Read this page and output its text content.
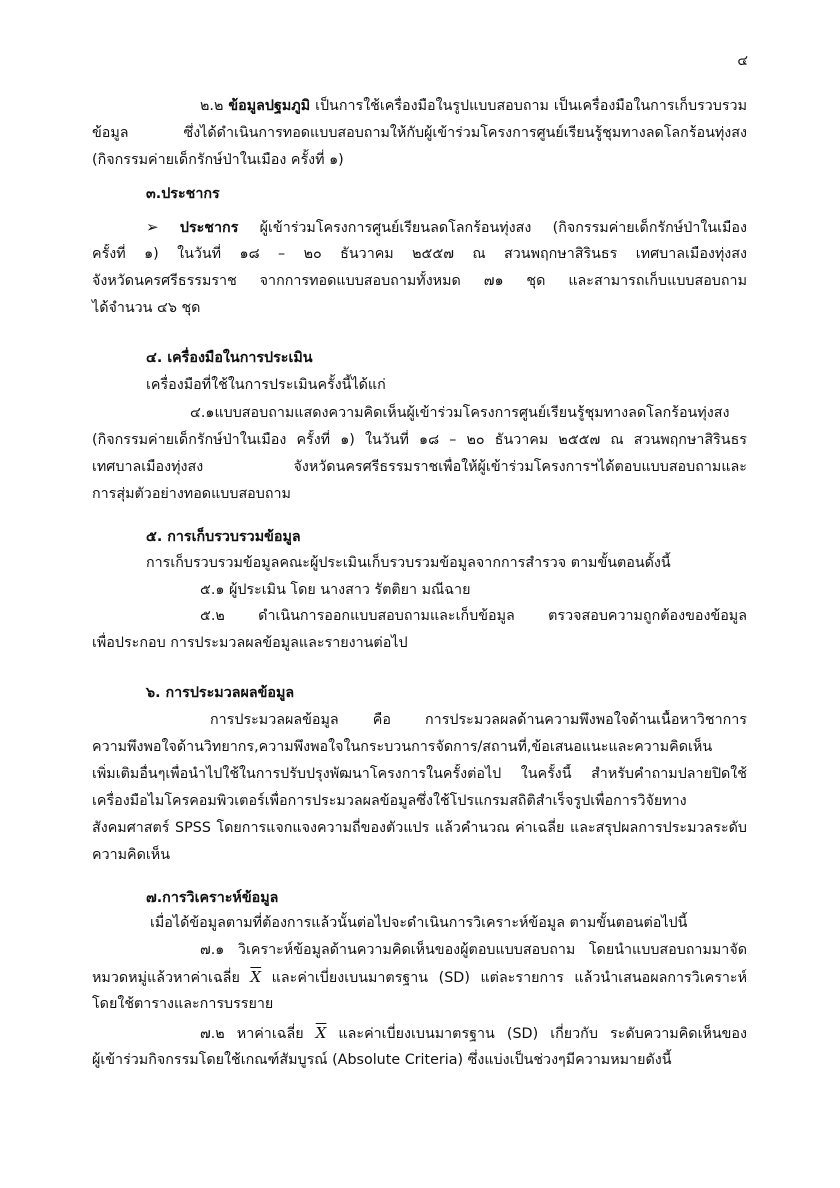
๔
๒.๒ ข้อมูลปฐมภูมิ เป็นการใช้เครื่องมือในรูปแบบสอบถาม เป็นเครื่องมือในการเก็บรวบรวม
ข้อมูล ซึ่งได้ดำเนินการทอดแบบสอบถามให้กับผู้เข้าร่วมโครงการศูนย์เรียนรู้ชุมทางลดโลกร้อนทุ่งสง
(กิจกรรมค่ายเด็กรักษ์ป่าในเมือง ครั้งที่ ๑)
๓.ประชากร
➢ ประชากร ผู้เข้าร่วมโครงการศูนย์เรียนลดโลกร้อนทุ่งสง (กิจกรรมค่ายเด็กรักษ์ป่าในเมือง
ครั้งที่ ๑) ในวันที่ ๑๘ – ๒๐ ธันวาคม ๒๕๕๗ ณ สวนพฤกษาสิรินธร เทศบาลเมืองทุ่งสง
จังหวัดนครศรีธรรมราช จากการทอดแบบสอบถามทั้งหมด ๗๑ ชุด และสามารถเก็บแบบสอบถาม
ได้จำนวน ๔๖ ชุด
๔. เครื่องมือในการประเมิน
เครื่องมือที่ใช้ในการประเมินครั้งนี้ได้แก่
๔.๑แบบสอบถามแสดงความคิดเห็นผู้เข้าร่วมโครงการศูนย์เรียนรู้ชุมทางลดโลกร้อนทุ่งสง
(กิจกรรมค่ายเด็กรักษ์ป่าในเมือง ครั้งที่ ๑) ในวันที่ ๑๘ – ๒๐ ธันวาคม ๒๕๕๗ ณ สวนพฤกษาสิรินธร
เทศบาลเมืองทุ่งสง จังหวัดนครศรีธรรมราชเพื่อให้ผู้เข้าร่วมโครงการฯได้ตอบแบบสอบถามและ
การสุ่มตัวอย่างทอดแบบสอบถาม
๕. การเก็บรวบรวมข้อมูล
การเก็บรวบรวมข้อมูลคณะผู้ประเมินเก็บรวบรวมข้อมูลจากการสำรวจ ตามขั้นตอนดั้งนี้
๕.๑ ผู้ประเมิน โดย นางสาว รัตติยา มณีฉาย
๕.๒ ดำเนินการออกแบบสอบถามและเก็บข้อมูล ตรวจสอบความถูกต้องของข้อมูล
เพื่อประกอบ การประมวลผลข้อมูลและรายงานต่อไป
๖. การประมวลผลข้อมูล
การประมวลผลข้อมูล คือ การประมวลผลด้านความพึงพอใจด้านเนื้อหาวิชาการ
ความพึงพอใจด้านวิทยากร,ความพึงพอใจในกระบวนการจัดการ/สถานที่,ข้อเสนอแนะและความคิดเห็น
เพิ่มเติมอื่นๆเพื่อนำไปใช้ในการปรับปรุงพัฒนาโครงการในครั้งต่อไป ในครั้งนี้ สำหรับคำถามปลายปิดใช้
เครื่องมือไมโครคอมพิวเตอร์เพื่อการประมวลผลข้อมูลซึ่งใช้โปรแกรมสถิติสำเร็จรูปเพื่อการวิจัยทาง
สังคมศาสตร์ SPSS โดยการแจกแจงความถี่ของตัวแปร แล้วคำนวณ ค่าเฉลี่ย และสรุปผลการประมวลระดับ
ความคิดเห็น
๗.การวิเคราะห์ข้อมูล
เมื่อได้ข้อมูลตามที่ต้องการแล้วนั้นต่อไปจะดำเนินการวิเคราะห์ข้อมูล ตามขั้นตอนต่อไปนี้
๗.๑ วิเคราะห์ข้อมูลด้านความคิดเห็นของผู้ตอบแบบสอบถาม โดยนำแบบสอบถามมาจัด
หมวดหมู่แล้วหาค่าเฉลี่ย $\overline{X}$ และค่าเบี่ยงเบนมาตรฐาน (SD) แต่ละรายการ แล้วนำเสนอผลการวิเคราะห์
โดยใช้ตารางและการบรรยาย
๗.๒ หาค่าเฉลี่ย $\overline{X}$ และค่าเบี่ยงเบนมาตรฐาน (SD) เกี่ยวกับ ระดับความคิดเห็นของ
ผู้เข้าร่วมกิจกรรมโดยใช้เกณฑ์สัมบูรณ์ (Absolute Criteria) ซึ่งแบ่งเป็นช่วงๆมีความหมายดังนี้
